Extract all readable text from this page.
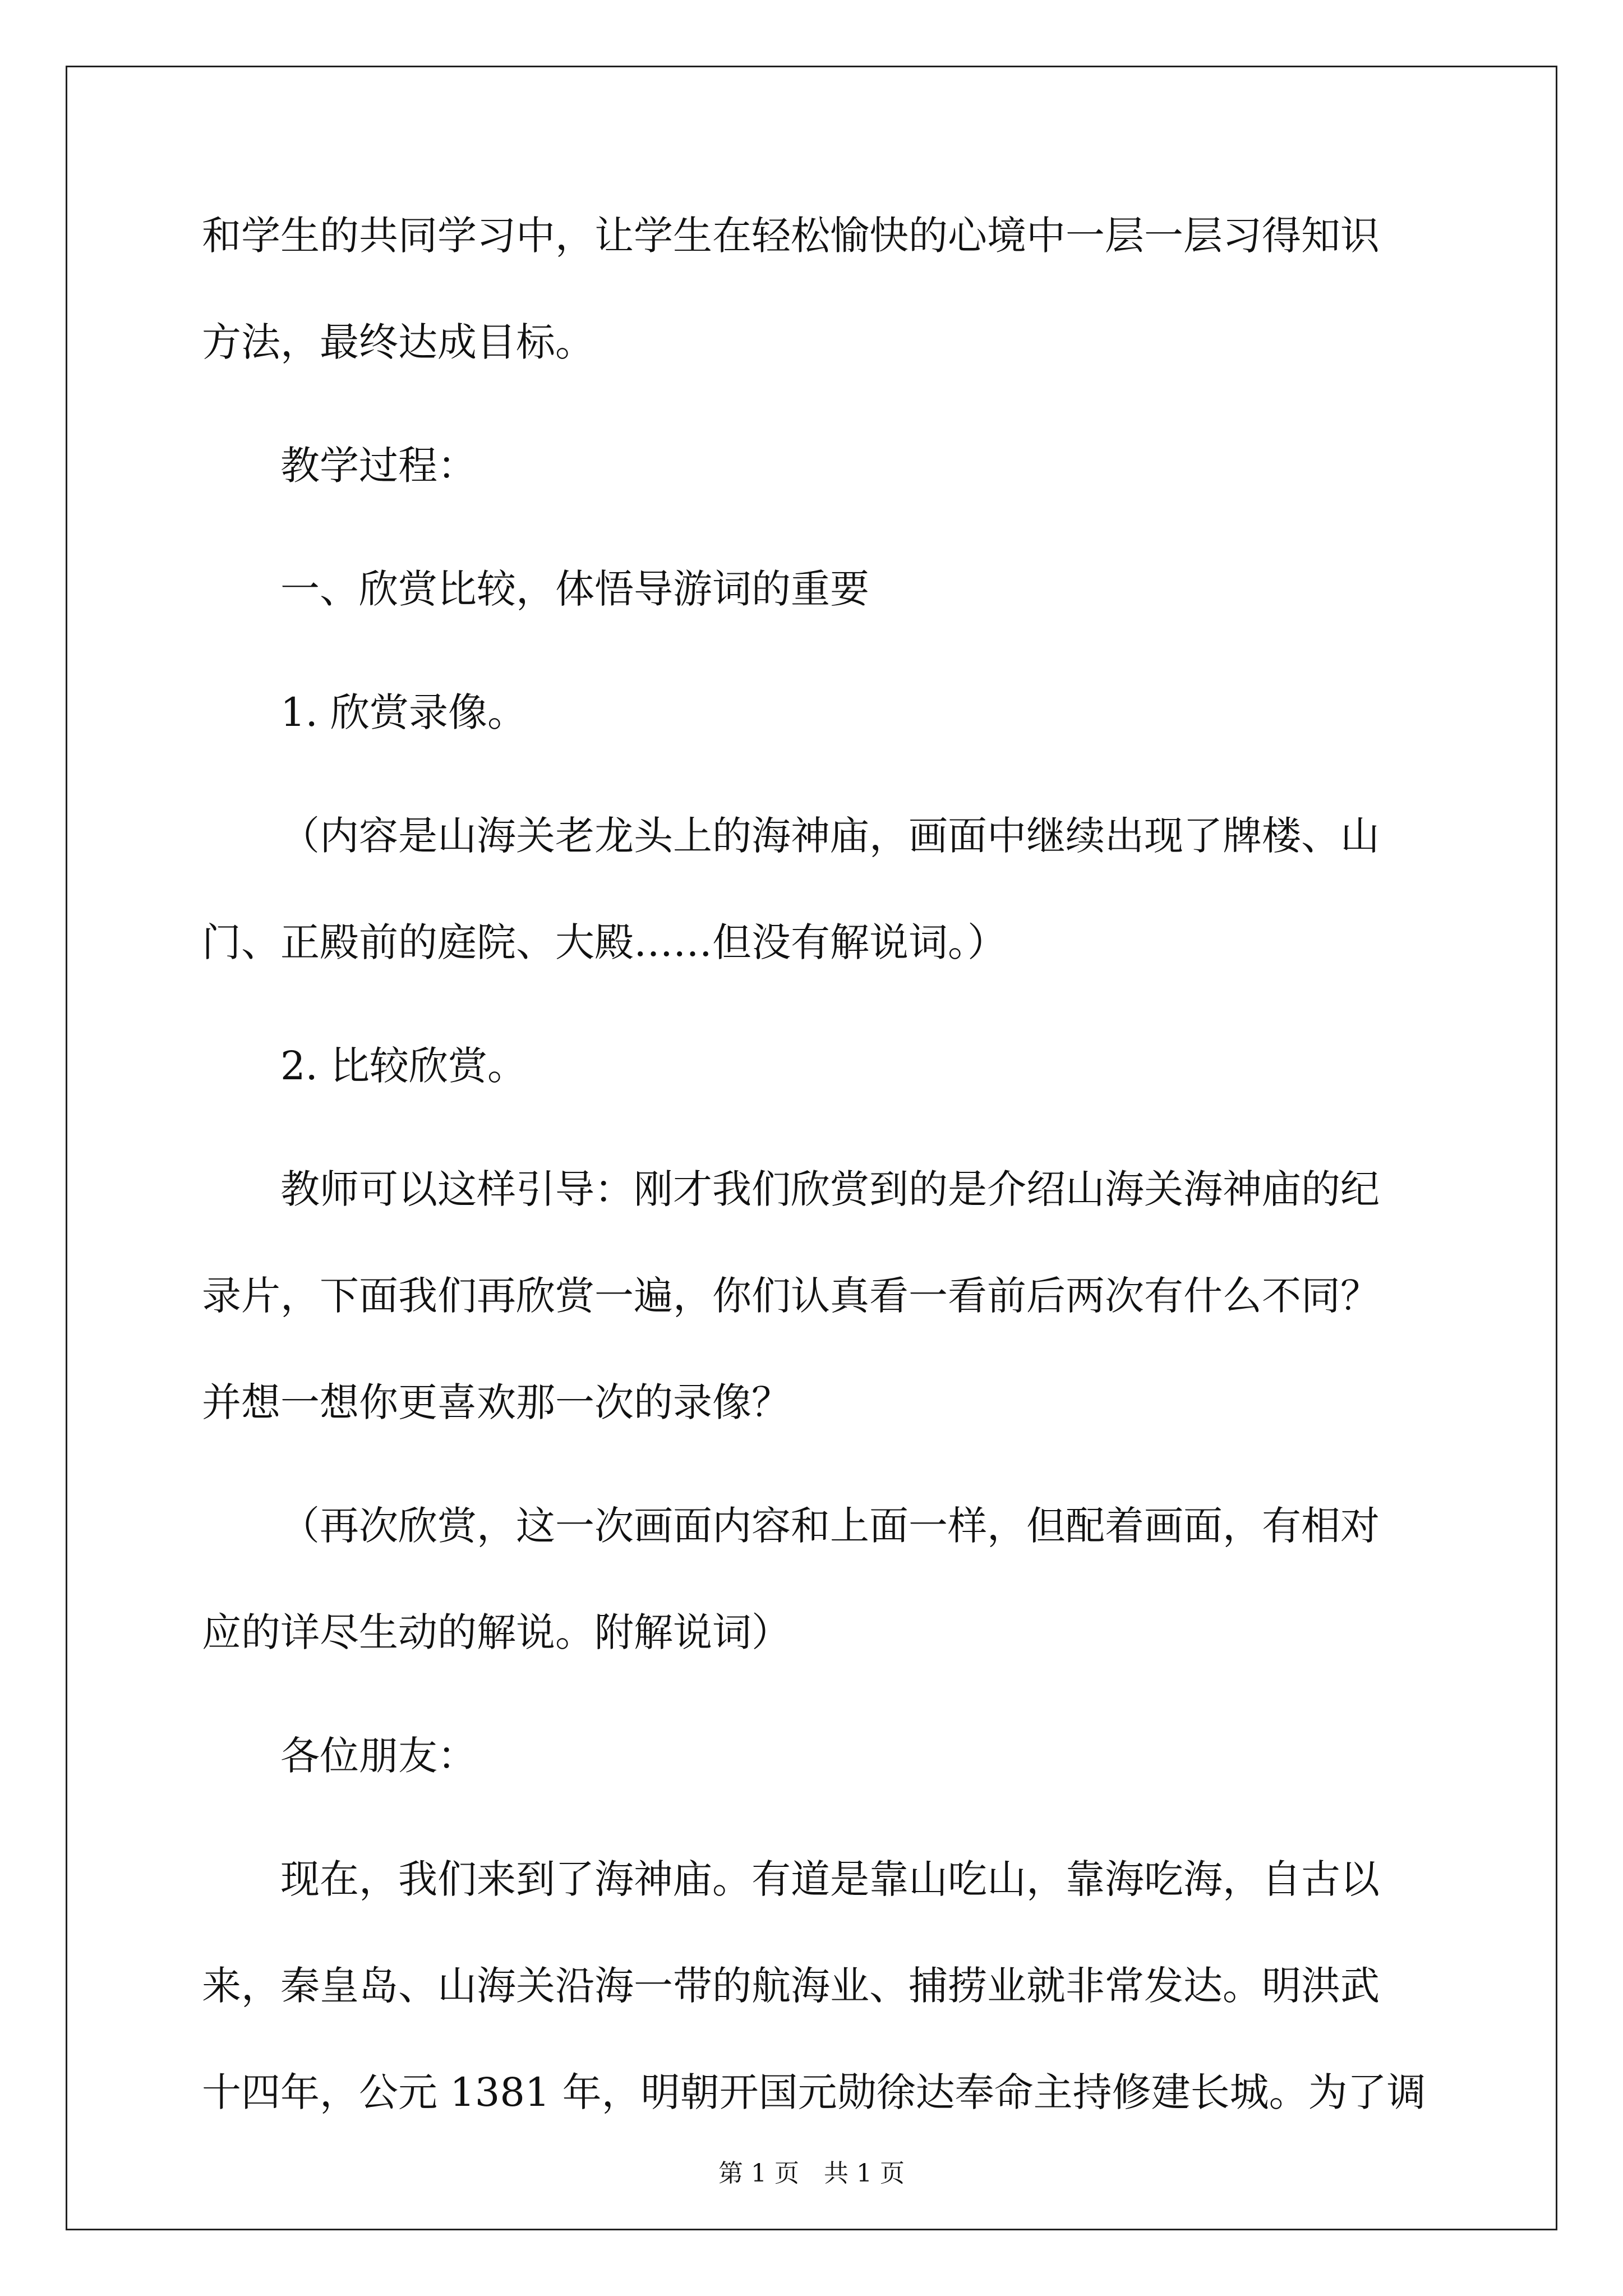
和学生的共同学习中，让学生在轻松愉快的心境中一层一层习得知识
方法，最终达成目标。
教学过程：
一、欣赏比较，体悟导游词的重要
1. 欣赏录像。
（内容是山海关老龙头上的海神庙，画面中继续出现了牌楼、山
门、正殿前的庭院、大殿……但没有解说词。）
2. 比较欣赏。
教师可以这样引导：刚才我们欣赏到的是介绍山海关海神庙的纪
录片，下面我们再欣赏一遍，你们认真看一看前后两次有什么不同？
并想一想你更喜欢那一次的录像？
（再次欣赏，这一次画面内容和上面一样，但配着画面，有相对
应的详尽生动的解说。附解说词）
各位朋友：
现在，我们来到了海神庙。有道是靠山吃山，靠海吃海，自古以
来，秦皇岛、山海关沿海一带的航海业、捕捞业就非常发达。明洪武
十四年，公元 1381 年，明朝开国元勋徐达奉命主持修建长城。为了调
第 1 页　共 1 页
